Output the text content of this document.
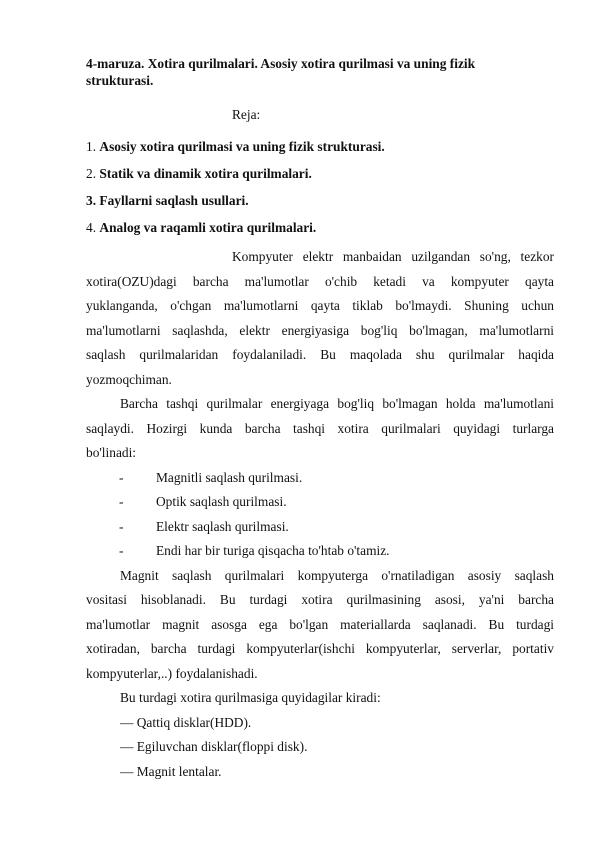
4-maruza. Xotira qurilmalari. Asosiy xotira qurilmasi va uning fizik
strukturasi.
Reja:
1. Asosiy xotira qurilmasi va uning fizik strukturasi.
2. Statik va dinamik xotira qurilmalari.
3. Fayllarni saqlash usullari.
4. Analog va raqamli xotira qurilmalari.
Kompyuter elektr manbaidan uzilgandan so'ng, tezkor
xotira(OZU)dagi barcha ma'lumotlar o'chib ketadi va kompyuter qayta
yuklanganda, o'chgan ma'lumotlarni qayta tiklab bo'lmaydi. Shuning uchun
ma'lumotlarni saqlashda, elektr energiyasiga bog'liq bo'lmagan, ma'lumotlarni
saqlash qurilmalaridan foydalaniladi. Bu maqolada shu qurilmalar haqida
yozmoqchiman.
Barcha tashqi qurilmalar energiyaga bog'liq bo'lmagan holda ma'lumotlani
saqlaydi. Hozirgi kunda barcha tashqi xotira qurilmalari quyidagi turlarga
bo'linadi:
- Magnitli saqlash qurilmasi.
- Optik saqlash qurilmasi.
- Elektr saqlash qurilmasi.
- Endi har bir turiga qisqacha to'htab o'tamiz.
Magnit saqlash qurilmalari kompyuterga o'rnatiladigan asosiy saqlash
vositasi hisoblanadi. Bu turdagi xotira qurilmasining asosi, ya'ni barcha
ma'lumotlar magnit asosga ega bo'lgan materiallarda saqlanadi. Bu turdagi
xotiradan, barcha turdagi kompyuterlar(ishchi kompyuterlar, serverlar, portativ
kompyuterlar,..) foydalanishadi.
Bu turdagi xotira qurilmasiga quyidagilar kiradi:
— Qattiq disklar(HDD).
— Egiluvchan disklar(floppi disk).
— Magnit lentalar.
